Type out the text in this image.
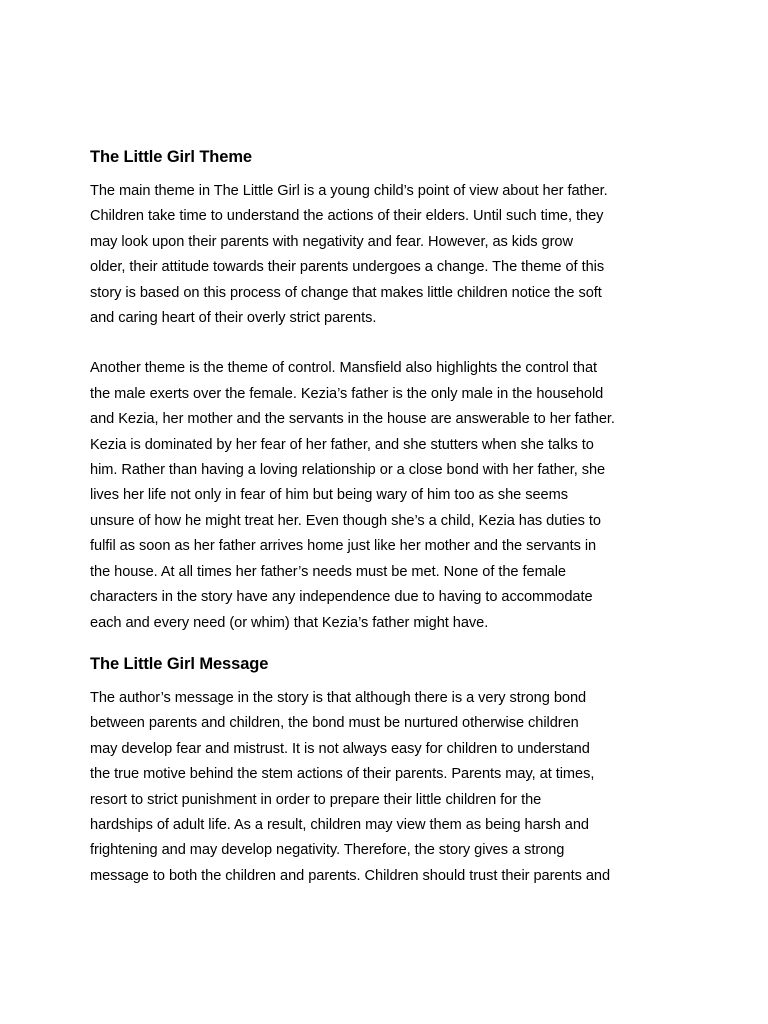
The Little Girl Theme

The main theme in The Little Girl is a young child’s point of view about her father.
Children take time to understand the actions of their elders. Until such time, they
may look upon their parents with negativity and fear. However, as kids grow
older, their attitude towards their parents undergoes a change. The theme of this
story is based on this process of change that makes little children notice the soft
and caring heart of their overly strict parents.

Another theme is the theme of control. Mansfield also highlights the control that
the male exerts over the female. Kezia’s father is the only male in the household
and Kezia, her mother and the servants in the house are answerable to her father.
Kezia is dominated by her fear of her father, and she stutters when she talks to
him. Rather than having a loving relationship or a close bond with her father, she
lives her life not only in fear of him but being wary of him too as she seems
unsure of how he might treat her. Even though she’s a child, Kezia has duties to
fulfil as soon as her father arrives home just like her mother and the servants in
the house. At all times her father’s needs must be met. None of the female
characters in the story have any independence due to having to accommodate
each and every need (or whim) that Kezia’s father might have.

The Little Girl Message

The author’s message in the story is that although there is a very strong bond
between parents and children, the bond must be nurtured otherwise children
may develop fear and mistrust. It is not always easy for children to understand
the true motive behind the stem actions of their parents. Parents may, at times,
resort to strict punishment in order to prepare their little children for the
hardships of adult life. As a result, children may view them as being harsh and
frightening and may develop negativity. Therefore, the story gives a strong
message to both the children and parents. Children should trust their parents and
